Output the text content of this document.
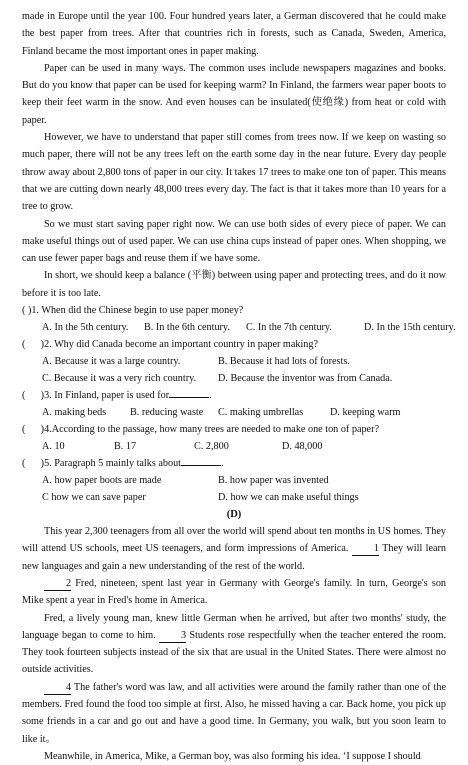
made in Europe until the year 100. Four hundred years later, a German discovered that he could make the best paper from trees. After that countries rich in forests, such as Canada, Sweden, America, Finland became the most important ones in paper making.

Paper can be used in many ways. The common uses include newspapers magazines and books. But do you know that paper can be used for keeping warm? In Finland, the farmers wear paper boots to keep their feet warm in the snow. And even houses can be insulated(使绝缘) from heat or cold with paper.

However, we have to understand that paper still comes from trees now. If we keep on wasting so much paper, there will not be any trees left on the earth some day in the near future. Every day people throw away about 2,800 tons of paper in our city. It takes 17 trees to make one ton of paper. This means that we are cutting down nearly 48,000 trees every day. The fact is that it takes more than 10 years for a tree to grow.

So we must start saving paper right now. We can use both sides of every piece of paper. We can make useful things out of used paper. We can use china cups instead of paper ones. When shopping, we can use fewer paper bags and reuse them if we have some.

In short, we should keep a balance (平衡) between using paper and protecting trees, and do it now before it is too late.

( )1. When did the Chinese begin to use paper money?
A. In the 5th century.	B. In the 6th century.	C. In the 7th century.	D. In the 15th century.
(      )2. Why did Canada become an important country in paper making?
A. Because it was a large country.	B. Because it had lots of forests.
C. Because it was a very rich country.	D. Because the inventor was from Canada.
(      )3. In Finland, paper is used for	.
A. making beds	B. reducing waste	C. making umbrellas	D. keeping warm
(      )4.According to the passage, how many trees are needed to make one ton of paper?
A. 10	B. 17	C. 2,800	D. 48,000
(      )5. Paragraph 5 mainly talks about	.
A. how paper boots are made	B. how paper was invented
C how we can save paper	D. how we can make useful things
(D)

This year 2,300 teenagers from all over the world will spend about ten months in US homes. They will attend US schools, meet US teenagers, and form impressions of America. 1 They will learn new languages and gain a new understanding of the rest of the world.

2 Fred, nineteen, spent last year in Germany with George's family. In turn, George's son Mike spent a year in Fred's home in America.

Fred, a lively young man, knew little German when he arrived, but after two months' study, the language began to come to him. 3 Students rose respectfully when the teacher entered the room. They took fourteen subjects instead of the six that are usual in the United States. There were almost no outside activities.

4 The father's word was law, and all activities were around the family rather than one of the members. Fred found the food too simple at first. Also, he missed having a car. Back home, you pick up some friends in a car and go out and have a good time. In Germany, you walk, but you soon learn to like it。

Meanwhile, in America, Mike, a German boy, was also forming his idea. ‘I suppose I should
